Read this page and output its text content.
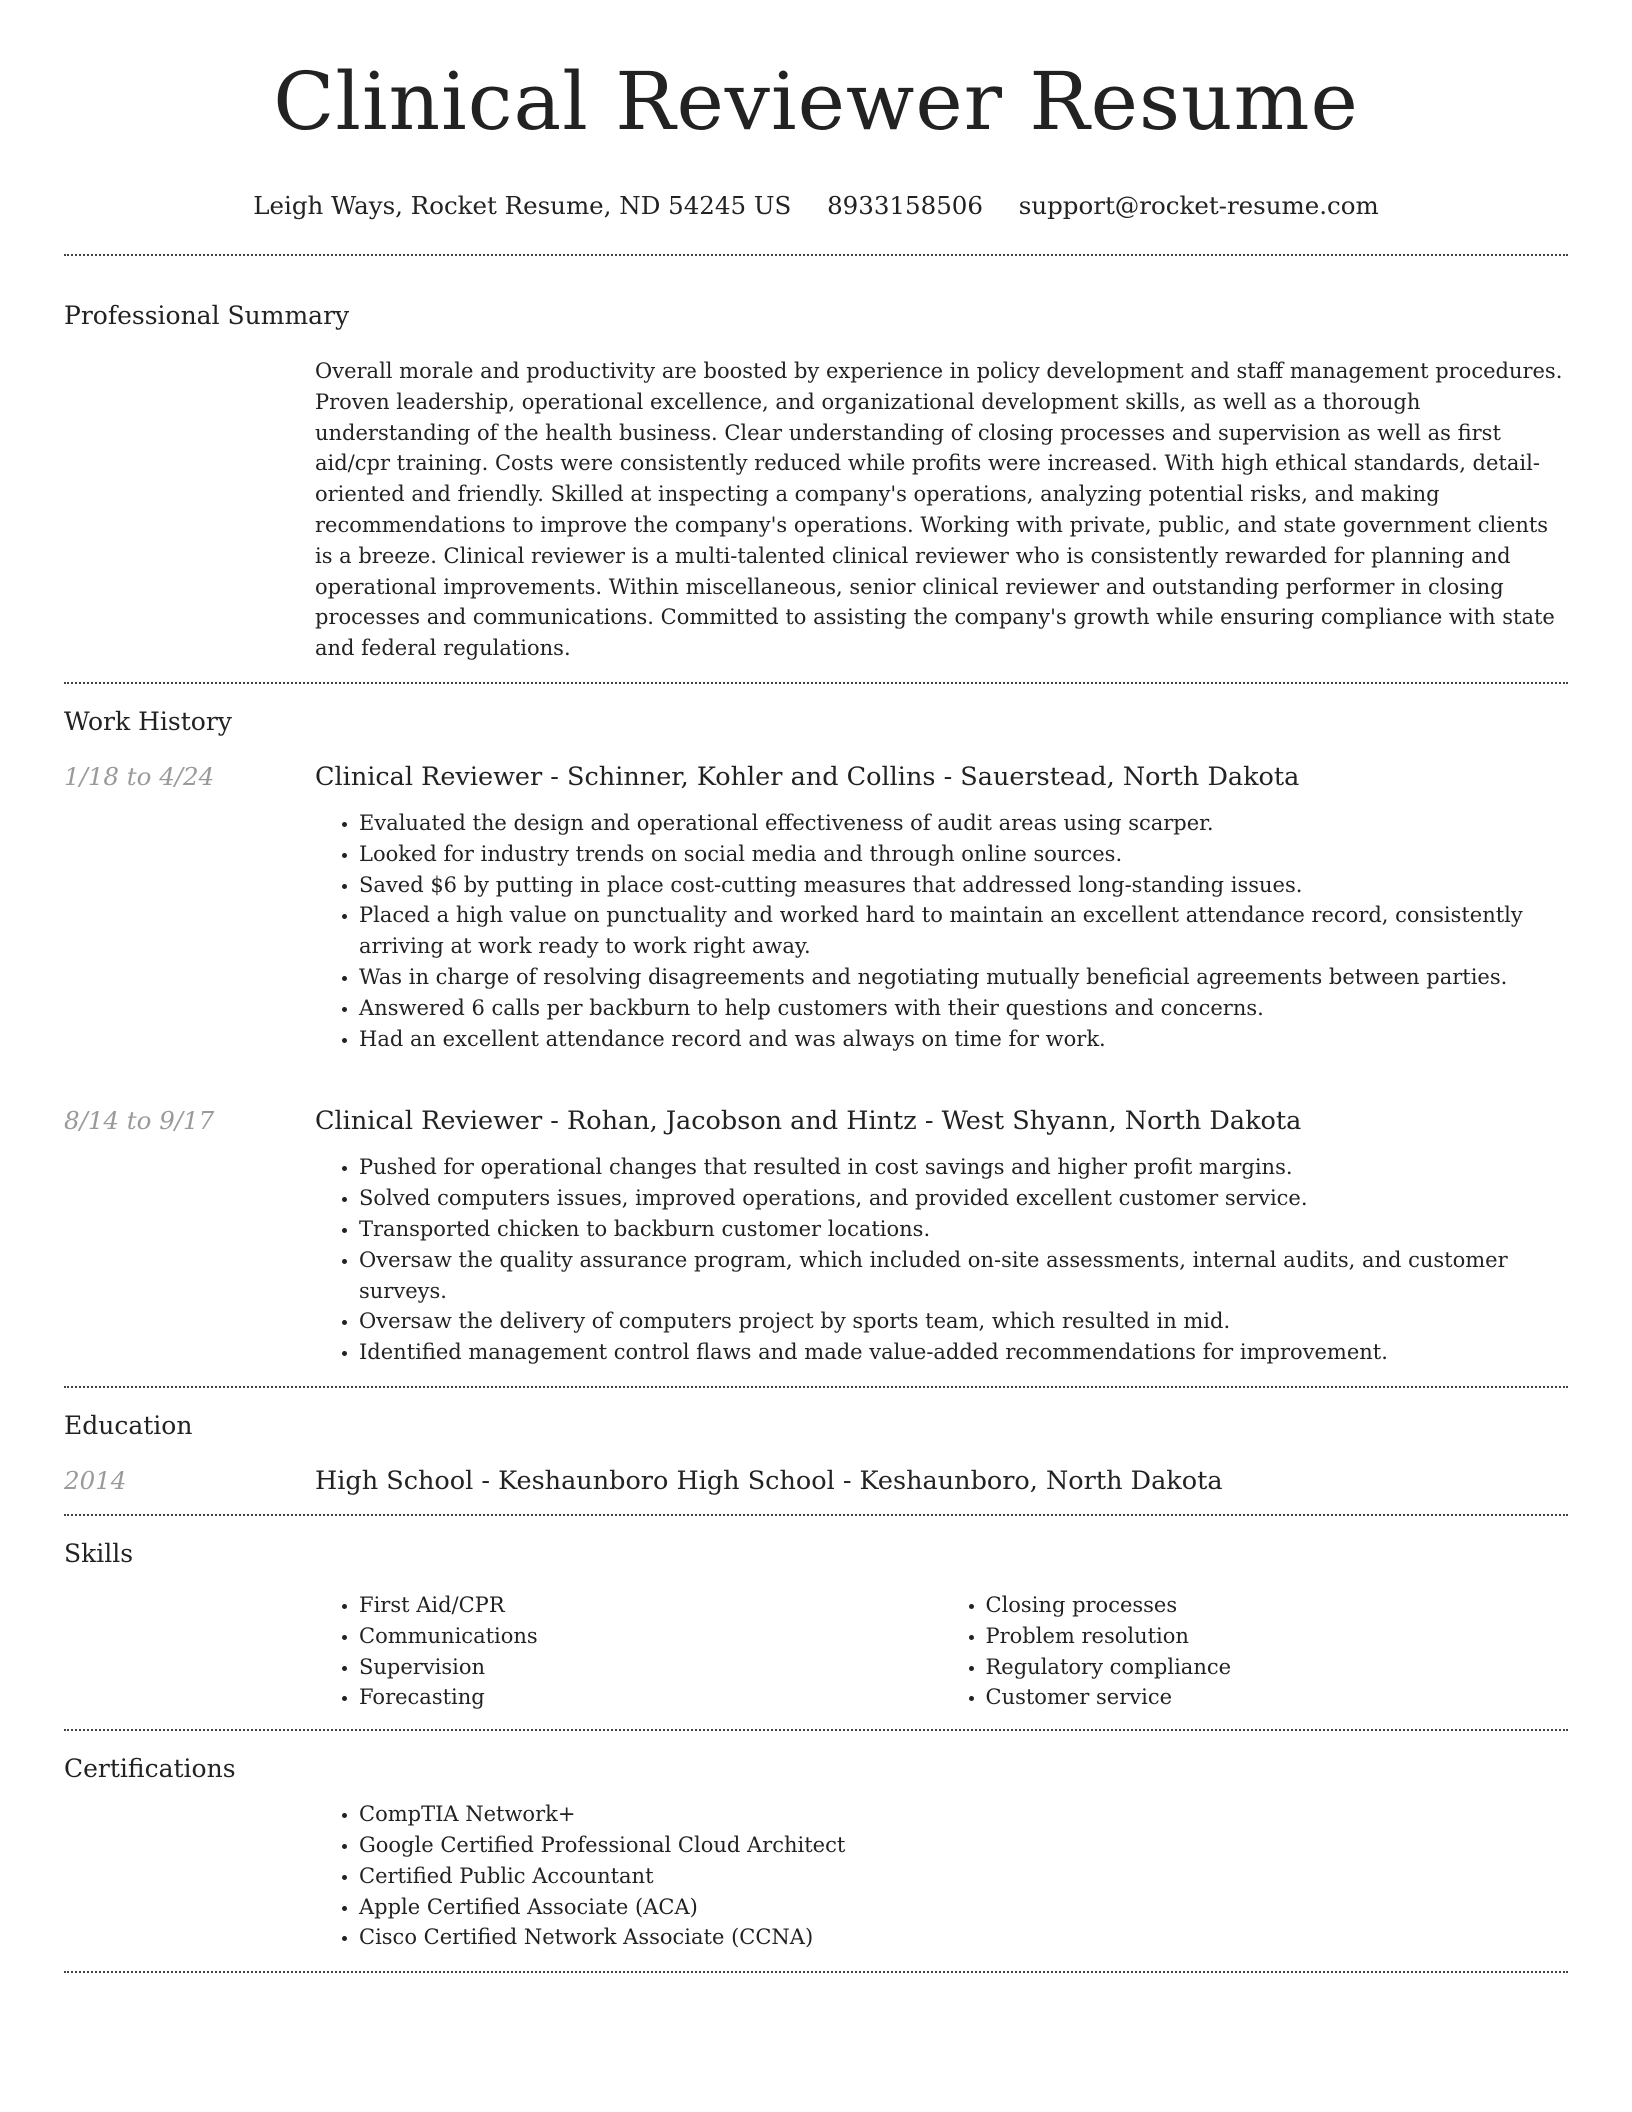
Clinical Reviewer Resume
Leigh Ways, Rocket Resume, ND 54245 US 8933158506 support@rocket-resume.com
Professional Summary

Overall morale and productivity are boosted by experience in policy development and staff management procedures. Proven leadership, operational excellence, and organizational development skills, as well as a thorough understanding of the health business. Clear understanding of closing processes and supervision as well as first aid/cpr training. Costs were consistently reduced while profits were increased. With high ethical standards, detail-oriented and friendly. Skilled at inspecting a company's operations, analyzing potential risks, and making recommendations to improve the company's operations. Working with private, public, and state government clients is a breeze. Clinical reviewer is a multi-talented clinical reviewer who is consistently rewarded for planning and operational improvements. Within miscellaneous, senior clinical reviewer and outstanding performer in closing processes and communications. Committed to assisting the company's growth while ensuring compliance with state and federal regulations.

Work History
1/18 to 4/24	Clinical Reviewer - Schinner, Kohler and Collins - Sauerstead, North Dakota
• Evaluated the design and operational effectiveness of audit areas using scarper.
• Looked for industry trends on social media and through online sources.
• Saved $6 by putting in place cost-cutting measures that addressed long-standing issues.
• Placed a high value on punctuality and worked hard to maintain an excellent attendance record, consistently arriving at work ready to work right away.
• Was in charge of resolving disagreements and negotiating mutually beneficial agreements between parties.
• Answered 6 calls per backburn to help customers with their questions and concerns.
• Had an excellent attendance record and was always on time for work.
8/14 to 9/17	Clinical Reviewer - Rohan, Jacobson and Hintz - West Shyann, North Dakota
• Pushed for operational changes that resulted in cost savings and higher profit margins.
• Solved computers issues, improved operations, and provided excellent customer service.
• Transported chicken to backburn customer locations.
• Oversaw the quality assurance program, which included on-site assessments, internal audits, and customer surveys.
• Oversaw the delivery of computers project by sports team, which resulted in mid.
• Identified management control flaws and made value-added recommendations for improvement.
Education
2014	High School - Keshaunboro High School - Keshaunboro, North Dakota
Skills
• First Aid/CPR
• Communications
• Supervision
• Forecasting
• Closing processes
• Problem resolution
• Regulatory compliance
• Customer service
Certifications
• CompTIA Network+
• Google Certified Professional Cloud Architect
• Certified Public Accountant
• Apple Certified Associate (ACA)
• Cisco Certified Network Associate (CCNA)
